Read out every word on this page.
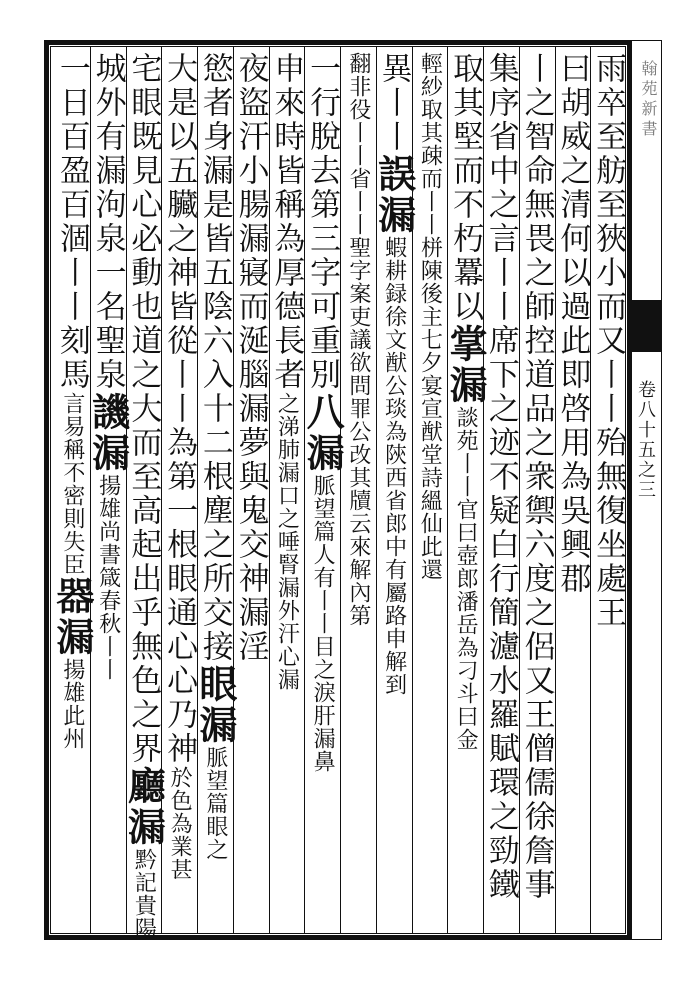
翰苑新書
卷八十五之三
雨卒至舫至狹小而又丨丨殆無復坐處王
曰胡威之清何以過此即啓用為吳興郡
丨之智命無畏之師控道品之衆禦六度之侶又王僧儒徐詹事
集序省中之言丨丨席下之迹不疑白行簡濾水羅賦環之勁鐵
取其堅而不朽羃以掌漏談苑丨丨官曰壺郎潘岳為刁斗曰金
輕紗取其疎而丨丨栟陳後主七夕宴宣猷堂詩縕仙此還
異丨丨誤漏蝦耕録徐文猷公琰為陝西省郎中有屬路申解到
翻非役丨丨省丨丨聖字案吏議欲問罪公改其牘云來解內第
一行脫去第三字可重別八漏脈望篇人有丨丨目之淚肝漏鼻
申來時皆稱為厚德長者之涕肺漏口之唾腎漏外汗心漏
夜盜汗小腸漏寢而涎腦漏夢與鬼交神漏淫
慾者身漏是皆五陰六入十二根塵之所交接眼漏脈望篇眼之
大是以五臟之神皆從丨丨為第一根眼通心心乃神於色為業甚
宅眼既見心必動也道之大而至高起出乎無色之界廳漏黔記貴陽
城外有漏泃泉一名聖泉譏漏揚雄尚書箴春秋丨丨
一日百盈百涸丨丨刻馬言易稱不密則失臣器漏揚雄此州
